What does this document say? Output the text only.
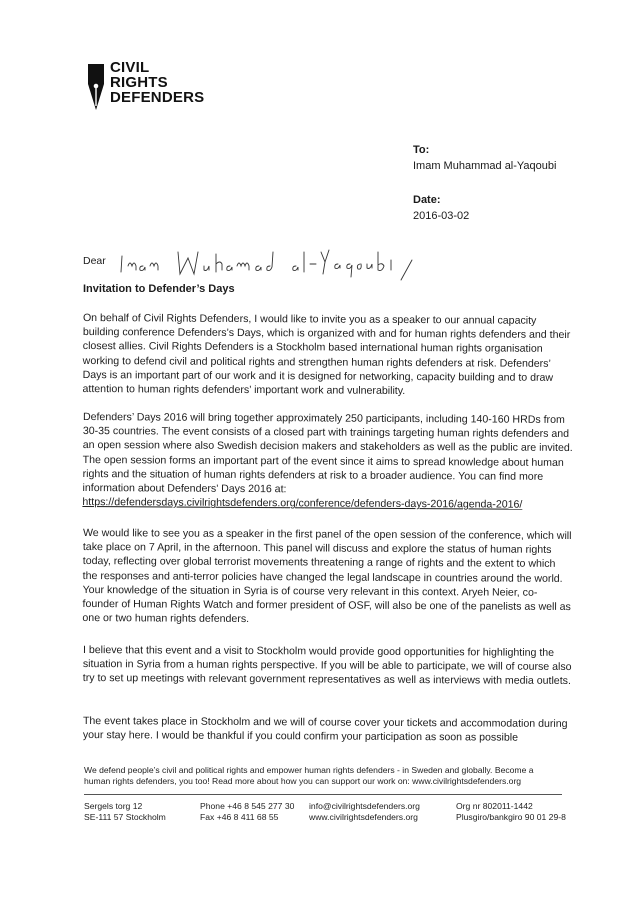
CIVIL
RIGHTS
DEFENDERS
To:
Imam Muhammad al-Yaqoubi
Date:
2016-03-02
Dear
Invitation to Defender’s Days

On behalf of Civil Rights Defenders, I would like to invite you as a speaker to our annual capacity building conference Defenders’s Days, which is organized with and for human rights defenders and their closest allies. Civil Rights Defenders is a Stockholm based international human rights organisation working to defend civil and political rights and strengthen human rights defenders at risk. Defenders’ Days is an important part of our work and it is designed for networking, capacity building and to draw attention to human rights defenders’ important work and vulnerability.

Defenders’ Days 2016 will bring together approximately 250 participants, including 140-160 HRDs from 30-35 countries. The event consists of a closed part with trainings targeting human rights defenders and an open session where also Swedish decision makers and stakeholders as well as the public are invited. The open session forms an important part of the event since it aims to spread knowledge about human rights and the situation of human rights defenders at risk to a broader audience. You can find more information about Defenders’ Days 2016 at:

https://defendersdays.civilrightsdefenders.org/conference/defenders-days-2016/agenda-2016/

We would like to see you as a speaker in the first panel of the open session of the conference, which will take place on 7 April, in the afternoon. This panel will discuss and explore the status of human rights today, reflecting over global terrorist movements threatening a range of rights and the extent to which the responses and anti-terror policies have changed the legal landscape in countries around the world. Your knowledge of the situation in Syria is of course very relevant in this context. Aryeh Neier, co-founder of Human Rights Watch and former president of OSF, will also be one of the panelists as well as one or two human rights defenders.

I believe that this event and a visit to Stockholm would provide good opportunities for highlighting the situation in Syria from a human rights perspective. If you will be able to participate, we will of course also try to set up meetings with relevant government representatives as well as interviews with media outlets.

The event takes place in Stockholm and we will of course cover your tickets and accommodation during your stay here. I would be thankful if you could confirm your participation as soon as possible

We defend people’s civil and political rights and empower human rights defenders - in Sweden and globally. Become a human rights defenders, you too! Read more about how you can support our work on: www.civilrightsdefenders.org
Sergels torg 12
SE-111 57 Stockholm
Phone +46 8 545 277 30
Fax +46 8 411 68 55
info@civilrightsdefenders.org
www.civilrightsdefenders.org
Org nr 802011-1442
Plusgiro/bankgiro 90 01 29-8
